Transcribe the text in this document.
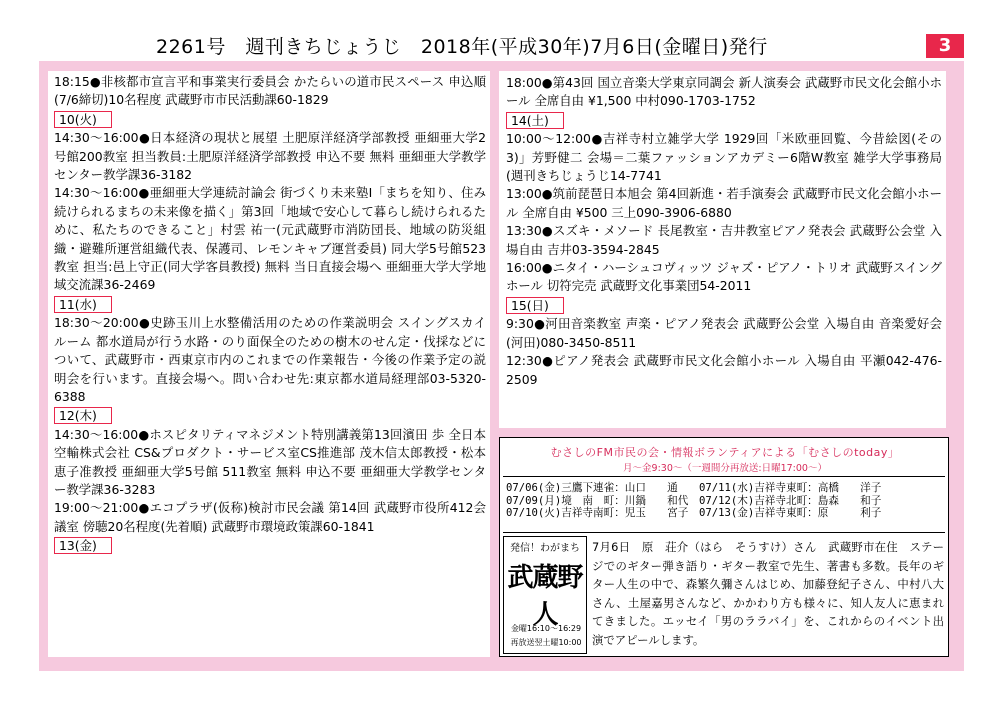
2261号　週刊きちじょうじ　2018年(平成30年)7月6日(金曜日)発行	3

18:15●非核都市宣言平和事業実行委員会 かたらいの道市民スペース 申込順(7/6締切)10名程度 武蔵野市市民活動課60-1829

10(火)

14:30～16:00●日本経済の現状と展望 土肥原洋経済学部教授 亜細亜大学2号館200教室 担当教員:土肥原洋経済学部教授 申込不要 無料 亜細亜大学教学センター教学課36-3182

14:30～16:00●亜細亜大学連続討論会 街づくり未来塾Ⅰ「まちを知り、住み続けられるまちの未来像を描く」第3回「地域で安心して暮らし続けられるために、私たちのできること」村雲 祐一(元武蔵野市消防団長、地域の防災組織・避難所運営組織代表、保護司、レモンキャブ運営委員) 同大学5号館523教室 担当:邑上守正(同大学客員教授) 無料 当日直接会場へ 亜細亜大学大学地域交流課36-2469

11(水)

18:30～20:00●史跡玉川上水整備活用のための作業説明会 スイングスカイルーム 都水道局が行う水路・のり面保全のための樹木のせん定・伐採などについて、武蔵野市・西東京市内のこれまでの作業報告・今後の作業予定の説明会を行います。直接会場へ。問い合わせ先:東京都水道局経理部03-5320-6388

12(木)

14:30～16:00●ホスピタリティマネジメント特別講義第13回濱田 歩 全日本空輸株式会社 CS&プロダクト・サービス室CS推進部 茂木信太郎教授・松本恵子准教授 亜細亜大学5号館 511教室 無料 申込不要 亜細亜大学教学センター教学課36-3283

19:00～21:00●エコプラザ(仮称)検討市民会議 第14回 武蔵野市役所412会議室 傍聴20名程度(先着順) 武蔵野市環境政策課60-1841

13(金)

18:00●第43回 国立音楽大学東京同調会 新人演奏会 武蔵野市民文化会館小ホール 全席自由 ¥1,500 中村090-1703-1752

14(土)

10:00～12:00●吉祥寺村立雑学大学 1929回「米欧亜回覧、今昔絵図(その3)」芳野健二 会場＝二葉ファッションアカデミー6階W教室 雑学大学事務局(週刊きちじょうじ14-7741

13:00●筑前琵琶日本旭会 第4回新進・若手演奏会 武蔵野市民文化会館小ホール 全席自由 ¥500 三上090-3906-6880

13:30●スズキ・メソード 長尾教室・吉井教室ピアノ発表会 武蔵野公会堂 入場自由 吉井03-3594-2845

16:00●ニタイ・ハーシュコヴィッツ ジャズ・ピアノ・トリオ 武蔵野スイングホール 切符完売 武蔵野文化事業団54-2011

15(日)

9:30●河田音楽教室 声楽・ピアノ発表会 武蔵野公会堂 入場自由 音楽愛好会(河田)080-3450-8511

12:30●ピアノ発表会 武蔵野市民文化会館小ホール 入場自由 平瀬042-476-2509

むさしのFM市民の会・情報ボランティアによる「むさしのtoday」
月～金9:30～（一週間分再放送:日曜17:00～）
07/06(金)三鷹下連雀：山口　　通　　07/11(水)吉祥寺東町：高橋　　洋子
07/09(月)境　南　町：川鍋　　和代　07/12(木)吉祥寺北町：島森　　和子
07/10(火)吉祥寺南町：児玉　　宮子　07/13(金)吉祥寺東町：原　　　利子
発信！わがまち
武蔵野人
金曜16:10～16:29
再放送翌土曜10:00
7月6日　原　荘介（はら　そうすけ）さん　武蔵野市在住　ステージでのギター弾き語り・ギター教室で先生、著書も多数。長年のギター人生の中で、森繁久彌さんはじめ、加藤登紀子さん、中村八大さん、土屋嘉男さんなど、かかわり方も様々に、知人友人に恵まれてきました。エッセイ「男のララバイ」を、これからのイベント出演でアピールします。
